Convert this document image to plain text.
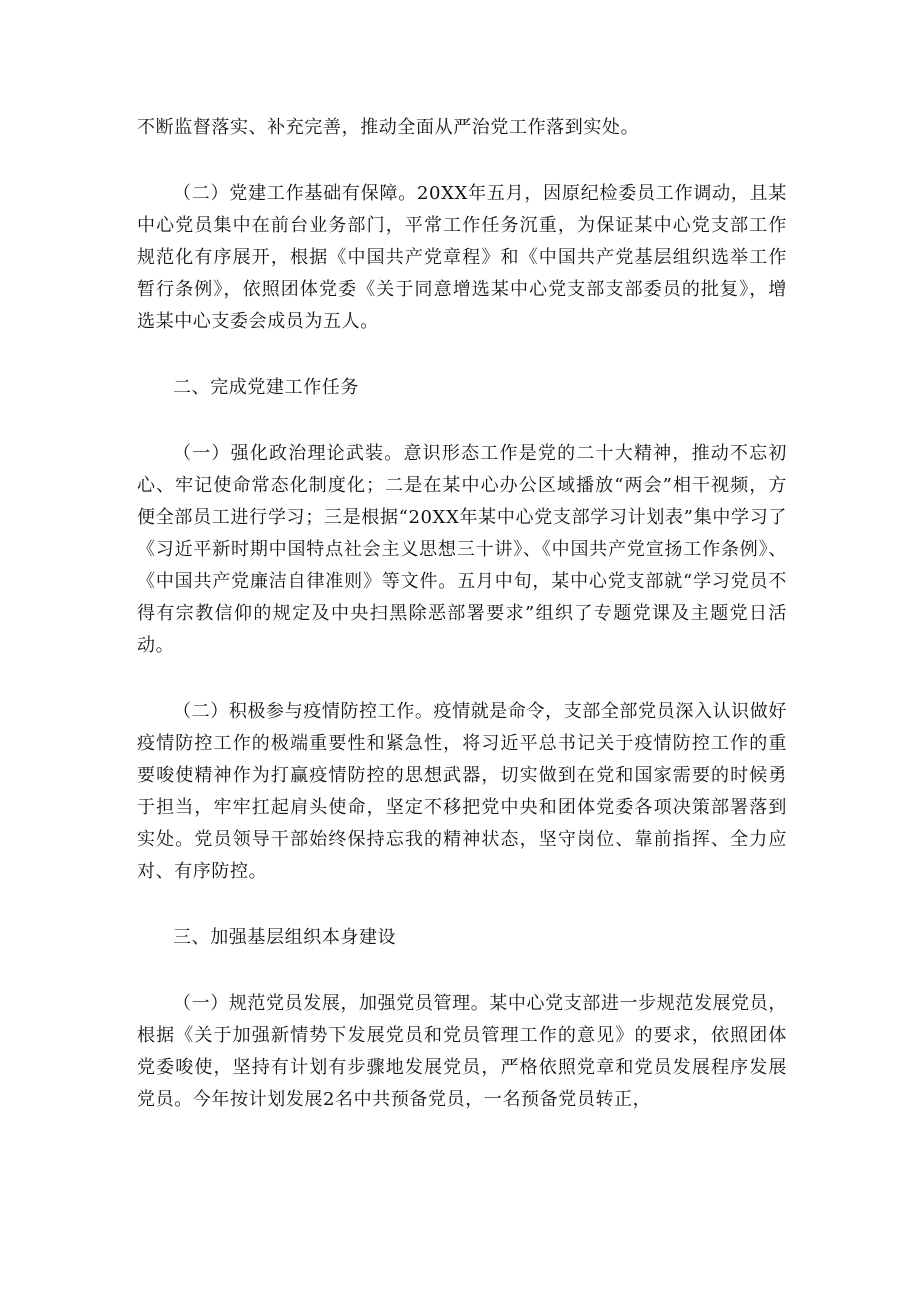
不断监督落实、补充完善，推动全面从严治党工作落到实处。

（二）党建工作基础有保障。20XX年五月，因原纪检委员工作调动，且某中心党员集中在前台业务部门，平常工作任务沉重，为保证某中心党支部工作规范化有序展开，根据《中国共产党章程》和《中国共产党基层组织选举工作暂行条例》，依照团体党委《关于同意增选某中心党支部支部委员的批复》，增选某中心支委会成员为五人。

二、完成党建工作任务

（一）强化政治理论武装。意识形态工作是党的二十大精神，推动不忘初心、牢记使命常态化制度化；二是在某中心办公区域播放“两会”相干视频，方便全部员工进行学习；三是根据“20XX年某中心党支部学习计划表”集中学习了《习近平新时期中国特点社会主义思想三十讲》、《中国共产党宣扬工作条例》、《中国共产党廉洁自律准则》等文件。五月中旬，某中心党支部就“学习党员不得有宗教信仰的规定及中央扫黑除恶部署要求”组织了专题党课及主题党日活动。

（二）积极参与疫情防控工作。疫情就是命令，支部全部党员深入认识做好疫情防控工作的极端重要性和紧急性，将习近平总书记关于疫情防控工作的重要唆使精神作为打赢疫情防控的思想武器，切实做到在党和国家需要的时候勇于担当，牢牢扛起肩头使命，坚定不移把党中央和团体党委各项决策部署落到实处。党员领导干部始终保持忘我的精神状态，坚守岗位、靠前指挥、全力应对、有序防控。

三、加强基层组织本身建设

（一）规范党员发展，加强党员管理。某中心党支部进一步规范发展党员，根据《关于加强新情势下发展党员和党员管理工作的意见》的要求，依照团体党委唆使，坚持有计划有步骤地发展党员，严格依照党章和党员发展程序发展党员。今年按计划发展2名中共预备党员，一名预备党员转正，
